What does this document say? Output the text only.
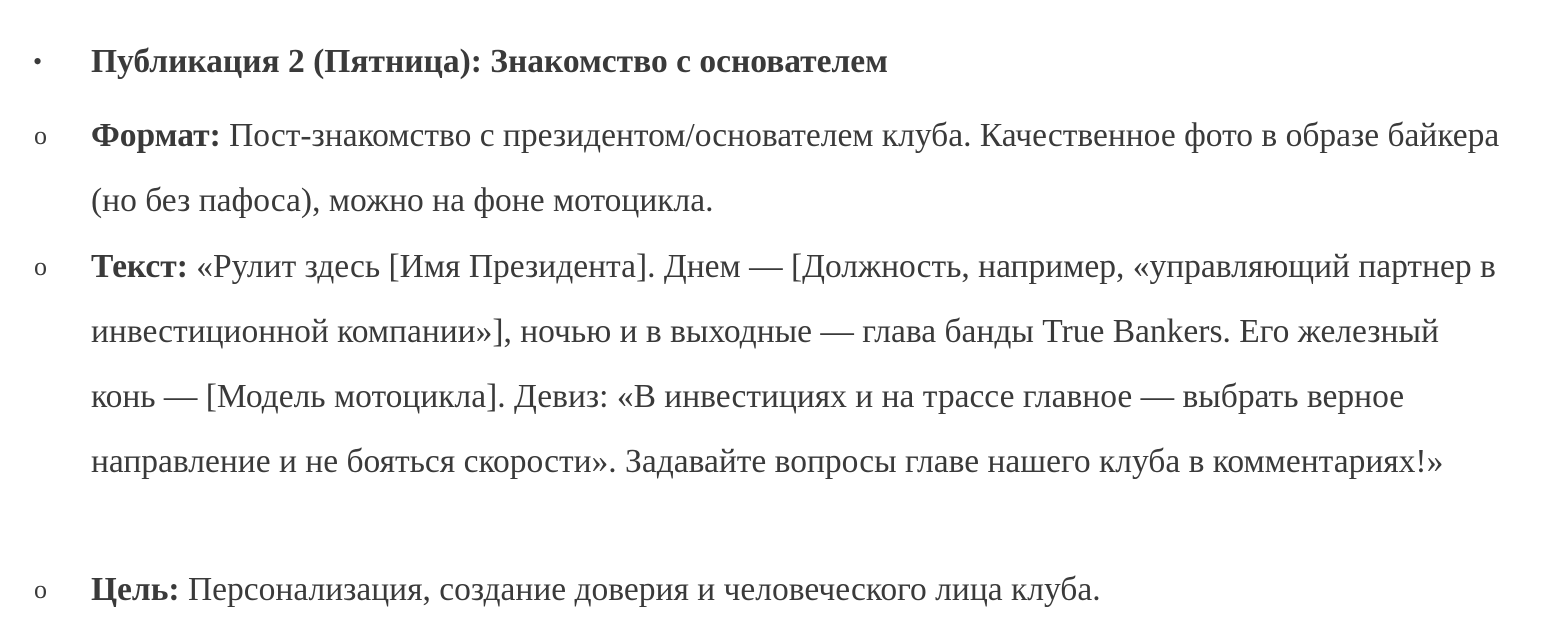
•	Публикация 2 (Пятница): Знакомство с основателем
o	Формат: Пост-знакомство с президентом/основателем клуба. Качественное фото в образе байкера (но без пафоса), можно на фоне мотоцикла.
o	Текст: «Рулит здесь [Имя Президента]. Днем — [Должность, например, «управляющий партнер в инвестиционной компании»], ночью и в выходные — глава банды True Bankers. Его железный конь — [Модель мотоцикла]. Девиз: «В инвестициях и на трассе главное — выбрать верное направление и не бояться скорости». Задавайте вопросы главе нашего клуба в комментариях!»
o	Цель: Персонализация, создание доверия и человеческого лица клуба.
